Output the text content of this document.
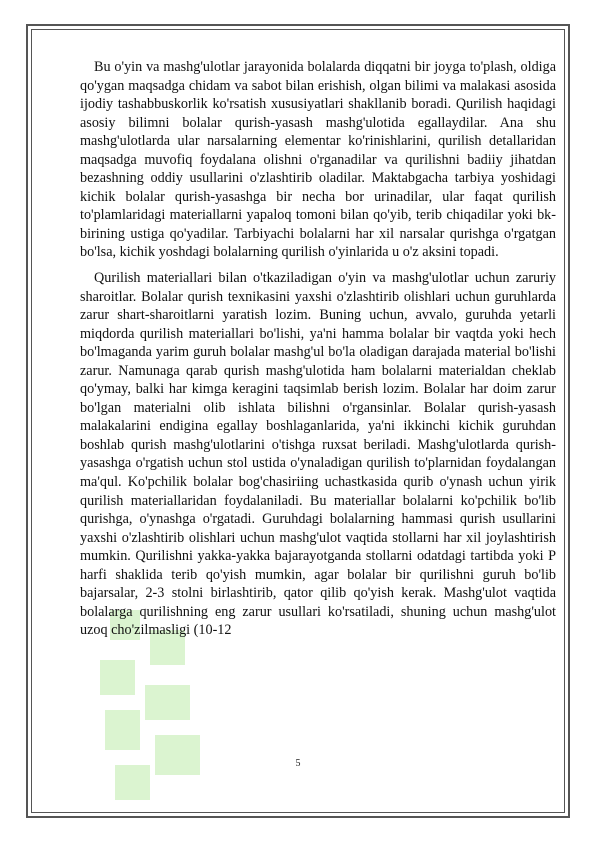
Bu o'yin va mashg'ulotlar jarayonida bolalarda diqqatni bir joyga to'plash, oldiga qo'ygan maqsadga chidam va sabot bilan erishish, olgan bilimi va malakasi asosida ijodiy tashabbuskorlik ko'rsatish xususiyatlari shakllanib boradi. Qurilish haqidagi asosiy bilimni bolalar qurish-yasash mashg'ulotida egallaydilar. Ana shu mashg'ulotlarda ular narsalarning elementar ko'rinishlarini, qurilish detallaridan maqsadga muvofiq foydalana olishni o'rganadilar va qurilishni badiiy jihatdan bezashning oddiy usullarini o'zlashtirib oladilar. Maktabgacha tarbiya yoshidagi kichik bolalar qurish-yasashga bir necha bor urinadilar, ular faqat qurilish to'plamlaridagi materiallarni yapaloq tomoni bilan qo'yib, terib chiqadilar yoki bk-birining ustiga qo'yadilar. Tarbiyachi bolalarni har xil narsalar qurishga o'rgatgan bo'lsa, kichik yoshdagi bolalarning qurilish o'yinlarida u o'z aksini topadi.

Qurilish materiallari bilan o'tkaziladigan o'yin va mashg'ulotlar uchun zaruriy sharoitlar. Bolalar qurish texnikasini yaxshi o'zlashtirib olishlari uchun guruhlarda zarur shart-sharoitlarni yaratish lozim. Buning uchun, avvalo, guruhda yetarli miqdorda qurilish materiallari bo'lishi, ya'ni hamma bolalar bir vaqtda yoki hech bo'lmaganda yarim guruh bolalar mashg'ul bo'la oladigan darajada material bo'lishi zarur. Namunaga qarab qurish mashg'ulotida ham bolalarni materialdan cheklab qo'ymay, balki har kimga keragini taqsimlab berish lozim. Bolalar har doim zarur bo'lgan materialni olib ishlata bilishni o'rgansinlar. Bolalar qurish-yasash malakalarini endigina egallay boshlaganlarida, ya'ni ikkinchi kichik guruhdan boshlab qurish mashg'ulotlarini o'tishga ruxsat beriladi. Mashg'ulotlarda qurish-yasashga o'rgatish uchun stol ustida o'ynaladigan qurilish to'plarnidan foydalangan ma'qul. Ko'pchilik bolalar bog'chasiriing uchastkasida qurib o'ynash uchun yirik qurilish materiallaridan foydalaniladi. Bu materiallar bolalarni ko'pchilik bo'lib qurishga, o'ynashga o'rgatadi. Guruhdagi bolalarning hammasi qurish usullarini yaxshi o'zlashtirib olishlari uchun mashg'ulot vaqtida stollarni har xil joylashtirish mumkin. Qurilishni yakka-yakka bajarayotganda stollarni odatdagi tartibda yoki P harfi shaklida terib qo'yish mumkin, agar bolalar bir qurilishni guruh bo'lib bajarsalar, 2-3 stolni birlashtirib, qator qilib qo'yish kerak. Mashg'ulot vaqtida bolalarga qurilishning eng zarur usullari ko'rsatiladi, shuning uchun mashg'ulot uzoq cho'zilmasligi (10-12

5
